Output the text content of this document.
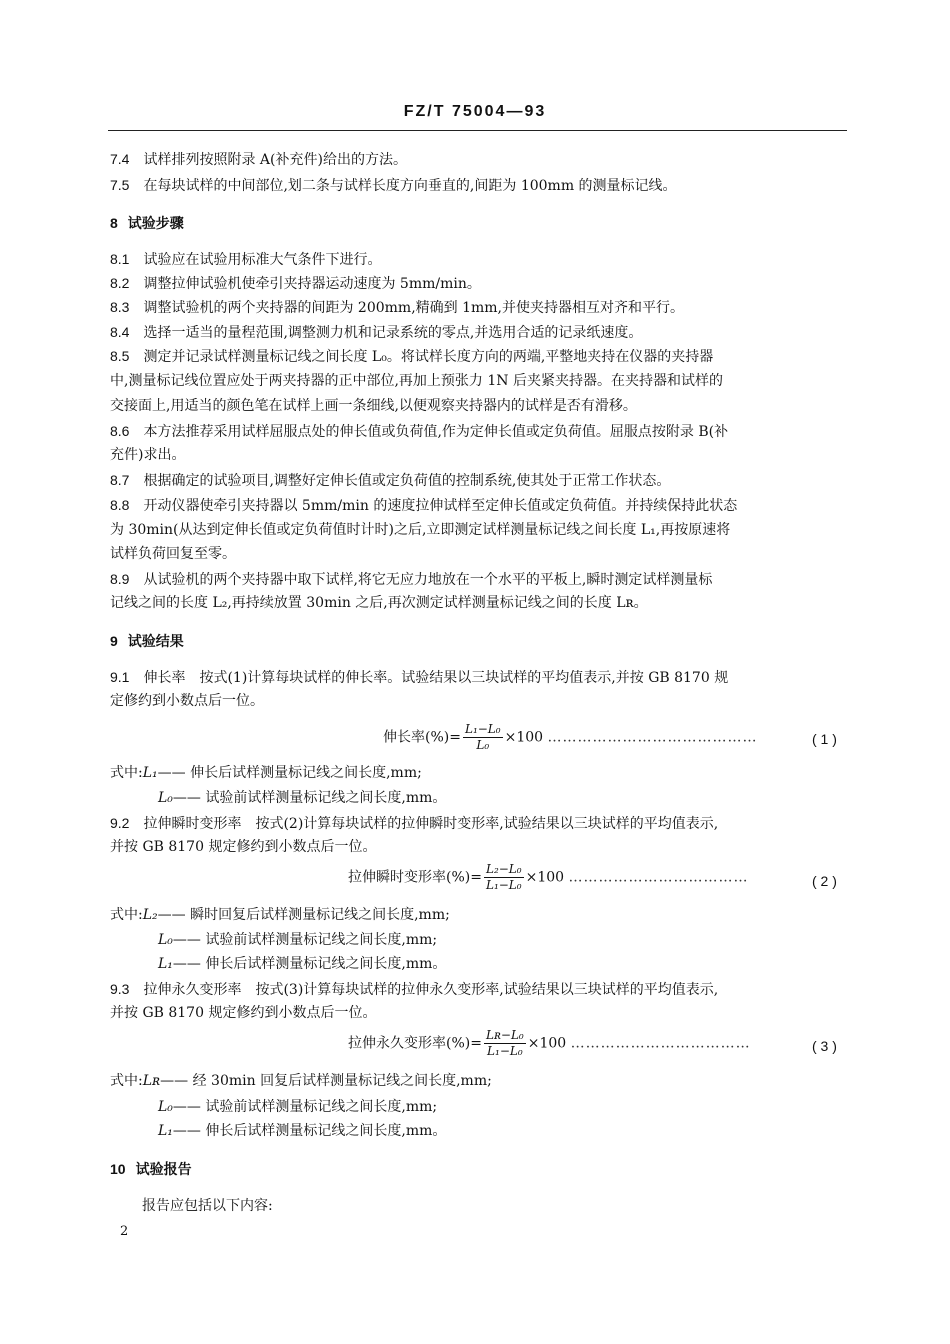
FZ/T 75004—93
7.4 试样排列按照附录 A(补充件)给出的方法。
7.5 在每块试样的中间部位,划二条与试样长度方向垂直的,间距为 100mm 的测量标记线。
8 试验步骤
8.1 试验应在试验用标准大气条件下进行。
8.2 调整拉伸试验机使牵引夹持器运动速度为 5mm/min。
8.3 调整试验机的两个夹持器的间距为 200mm,精确到 1mm,并使夹持器相互对齐和平行。
8.4 选择一适当的量程范围,调整测力机和记录系统的零点,并选用合适的记录纸速度。
8.5 测定并记录试样测量标记线之间长度 L₀。将试样长度方向的两端,平整地夹持在仪器的夹持器
中,测量标记线位置应处于两夹持器的正中部位,再加上预张力 1N 后夹紧夹持器。在夹持器和试样的
交接面上,用适当的颜色笔在试样上画一条细线,以便观察夹持器内的试样是否有滑移。
8.6 本方法推荐采用试样屈服点处的伸长值或负荷值,作为定伸长值或定负荷值。屈服点按附录 B(补
充件)求出。
8.7 根据确定的试验项目,调整好定伸长值或定负荷值的控制系统,使其处于正常工作状态。
8.8 开动仪器使牵引夹持器以 5mm/min 的速度拉伸试样至定伸长值或定负荷值。并持续保持此状态
为 30min(从达到定伸长值或定负荷值时计时)之后,立即测定试样测量标记线之间长度 L₁,再按原速将
试样负荷回复至零。
8.9 从试验机的两个夹持器中取下试样,将它无应力地放在一个水平的平板上,瞬时测定试样测量标
记线之间的长度 L₂,再持续放置 30min 之后,再次测定试样测量标记线之间的长度 Lʀ。
9 试验结果
9.1 伸长率 按式(1)计算每块试样的伸长率。试验结果以三块试样的平均值表示,并按 GB 8170 规
定修约到小数点后一位。
伸长率(%)= $\frac{\text{L₁−L₀}}{\text{L₀}} \times 100$ ……………………………………	( 1 )
式中:L₁—— 伸长后试样测量标记线之间长度,mm;
L₀—— 试验前试样测量标记线之间长度,mm。
9.2 拉伸瞬时变形率 按式(2)计算每块试样的拉伸瞬时变形率,试验结果以三块试样的平均值表示,
并按 GB 8170 规定修约到小数点后一位。
拉伸瞬时变形率(%)= $\frac{\text{L₂−L₀}}{\text{L₁−L₀}} \times 100$ ………………………………	( 2 )
式中:L₂—— 瞬时回复后试样测量标记线之间长度,mm;
L₀—— 试验前试样测量标记线之间长度,mm;
L₁—— 伸长后试样测量标记线之间长度,mm。
9.3 拉伸永久变形率 按式(3)计算每块试样的拉伸永久变形率,试验结果以三块试样的平均值表示,
并按 GB 8170 规定修约到小数点后一位。
拉伸永久变形率(%)= $\frac{\text{Lʀ−L₀}}{\text{L₁−L₀}} \times 100$ ………………………………	( 3 )
式中:Lʀ—— 经 30min 回复后试样测量标记线之间长度,mm;
L₀—— 试验前试样测量标记线之间长度,mm;
L₁—— 伸长后试样测量标记线之间长度,mm。
10 试验报告
报告应包括以下内容:
2
